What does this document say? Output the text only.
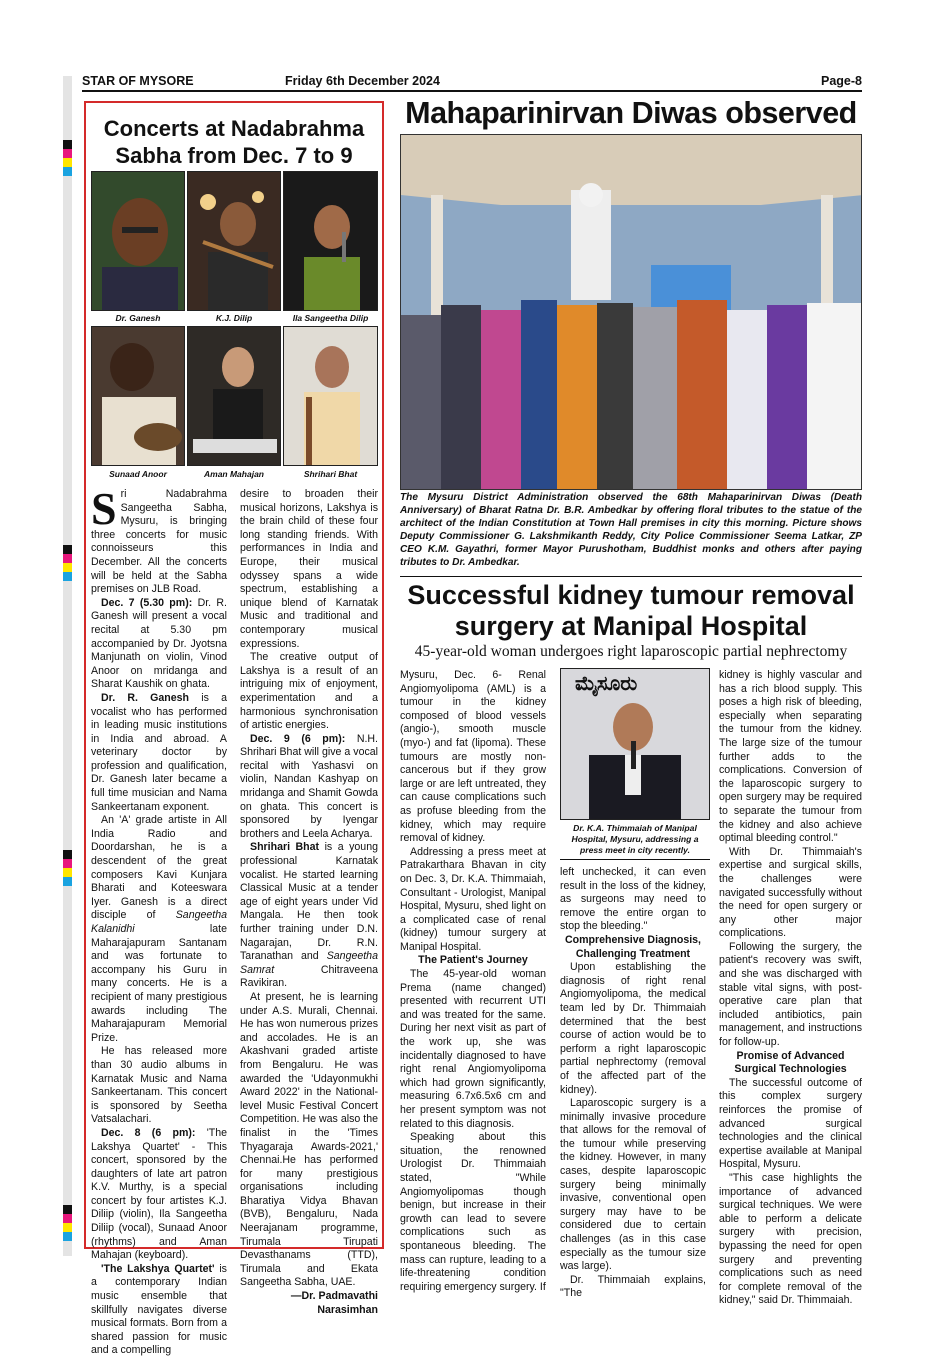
STAR OF MYSORE	Friday 6th December 2024	Page-8
Concerts at Nadabrahma
Sabha from Dec. 7 to 9
Dr. Ganesh	K.J. Dilip	Ila Sangeetha Dilip
Sunaad Anoor	Aman Mahajan	Shrihari Bhat

Sri Nadabrahma Sangeetha Sabha, Mysuru, is bringing three concerts for music connoisseurs this December. All the concerts will be held at the Sabha premises on JLB Road.

Dec. 7 (5.30 pm): Dr. R. Ganesh will present a vocal recital at 5.30 pm accompanied by Dr. Jyotsna Manjunath on violin, Vinod Anoor on mridanga and Sharat Kaushik on ghata.

Dr. R. Ganesh is a vocalist who has performed in leading music institutions in India and abroad. A veterinary doctor by profession and qualification, Dr. Ganesh later became a full time musician and Nama Sankeertanam exponent.

An 'A' grade artiste in All India Radio and Doordarshan, he is a descendent of the great composers Kavi Kunjara Bharati and Koteeswara Iyer. Ganesh is a direct disciple of Sangeetha Kalanidhi	late Maharajapuram Santanam and was fortunate to accompany his Guru in many concerts. He is a recipient of many prestigious awards including The Maharajapuram Memorial Prize.

He has released more than 30 audio albums in Karnatak Music and Nama Sankeertanam. This concert is sponsored by Seetha Vatsalachari.

Dec. 8 (6 pm): 'The Lakshya Quartet' - This concert, sponsored by the daughters of late art patron K.V. Murthy, is a special concert by four artistes K.J. Diliip (violin), Ila Sangeetha Diliip (vocal), Sunaad Anoor (rhythms) and Aman Mahajan (keyboard).

'The Lakshya Quartet' is a contemporary Indian music ensemble that skillfully navigates diverse musical formats. Born from a shared passion for music and a compelling

desire to broaden their musical horizons, Lakshya is the brain child of these four long standing friends. With performances in India and Europe, their musical odyssey spans a wide spectrum, establishing a unique blend of Karnatak Music and traditional and contemporary musical expressions.

The creative output of Lakshya is a result of an intriguing mix of enjoyment, experimentation and a harmonious synchronisation of artistic energies.

Dec. 9 (6 pm): N.H. Shrihari Bhat will give a vocal recital with Yashasvi on violin, Nandan Kashyap on mridanga and Shamit Gowda on ghata. This concert is sponsored by Iyengar brothers and Leela Acharya.

Shrihari Bhat is a young professional Karnatak vocalist. He started learning Classical Music at a tender age of eight years under Vid Mangala. He then took further training under D.N. Nagarajan, Dr. R.N. Taranathan and Sangeetha Samrat	Chitraveena Ravikiran.

At present, he is learning under A.S. Murali, Chennai. He has won numerous prizes and accolades. He is an Akashvani graded artiste from Bengaluru. He was awarded the 'Udayonmukhi Award 2022' in the National-level Music Festival Concert Competition. He was also the finalist in the 'Times Thyagaraja Awards-2021,' Chennai.He has performed for many prestigious organisations including Bharatiya Vidya Bhavan (BVB), Bengaluru, Nada Neerajanam programme, Tirumala Tirupati Devasthanams (TTD), Tirumala and Ekata Sangeetha Sabha, UAE.

—Dr. Padmavathi
Narasimhan
Mahaparinirvan Diwas observed
The Mysuru District Administration observed the 68th Mahaparinirvan Diwas (Death Anniversary) of Bharat Ratna Dr. B.R. Ambedkar by offering floral tributes to the statue of the architect of the Indian Constitution at Town Hall premises in city this morning. Picture shows Deputy Commissioner G. Lakshmikanth Reddy, City Police Commissioner Seema Latkar, ZP CEO K.M. Gayathri, former Mayor Purushotham, Buddhist monks and others after paying tributes to Dr. Ambedkar.
Successful kidney tumour removal
surgery at Manipal Hospital
45-year-old woman undergoes right laparoscopic partial nephrectomy

Mysuru, Dec. 6- Renal Angiomyolipoma (AML) is a tumour in the kidney composed of blood vessels (angio-), smooth muscle (myo-) and fat (lipoma). These tumours are mostly non-cancerous but if they grow large or are left untreated, they can cause complications such as profuse bleeding from the kidney, which may require removal of kidney.

Addressing a press meet at Patrakarthara Bhavan in city on Dec. 3, Dr. K.A. Thimmaiah, Consultant - Urologist, Manipal Hospital, Mysuru, shed light on a complicated case of renal (kidney) tumour surgery at Manipal Hospital.

The Patient's Journey

The 45-year-old woman Prema (name changed) presented with recurrent UTI and was treated for the same. During her next visit as part of the work up, she was incidentally diagnosed to have right renal Angiomyolipoma which had grown significantly, measuring 6.7x6.5x6 cm and her present symptom was not related to this diagnosis.

Speaking about this situation, the renowned Urologist Dr. Thimmaiah stated, "While Angiomyolipomas though benign, but increase in their growth can lead to severe complications such as spontaneous bleeding. The mass can rupture, leading to a life-threatening condition requiring emergency surgery. If

ಮೈಸೂರು
Dr. K.A. Thimmaiah of Manipal Hospital, Mysuru, addressing a press meet in city recently.

left unchecked, it can even result in the loss of the kidney, as surgeons may need to remove the entire organ to stop the bleeding."

Comprehensive Diagnosis,
Challenging Treatment

Upon establishing the diagnosis of right renal Angiomyolipoma, the medical team led by Dr. Thimmaiah determined that the best course of action would be to perform a right laparoscopic partial nephrectomy (removal of the affected part of the kidney).

Laparoscopic surgery is a minimally invasive procedure that allows for the removal of the tumour while preserving the kidney. However, in many cases, despite laparoscopic surgery being minimally invasive, conventional open surgery may have to be considered due to certain challenges (as in this case especially as the tumour size was large).

Dr. Thimmaiah explains, "The

kidney is highly vascular and has a rich blood supply. This poses a high risk of bleeding, especially when separating the tumour from the kidney. The large size of the tumour further adds to the complications. Conversion of the laparoscopic surgery to open surgery may be required to separate the tumour from the kidney and also achieve optimal bleeding control."

With Dr. Thimmaiah's expertise and surgical skills, the challenges were navigated successfully without the need for open surgery or any other major complications.

Following the surgery, the patient's recovery was swift, and she was discharged with stable vital signs, with post-operative care plan that included antibiotics, pain management, and instructions for follow-up.

Promise of Advanced
Surgical Technologies

The successful outcome of this complex surgery reinforces the promise of advanced surgical technologies and the clinical expertise available at Manipal Hospital, Mysuru.

"This case highlights the importance of advanced surgical techniques. We were able to perform a delicate surgery with precision, bypassing the need for open surgery and preventing complications such as need for complete removal of the kidney," said Dr. Thimmaiah.
